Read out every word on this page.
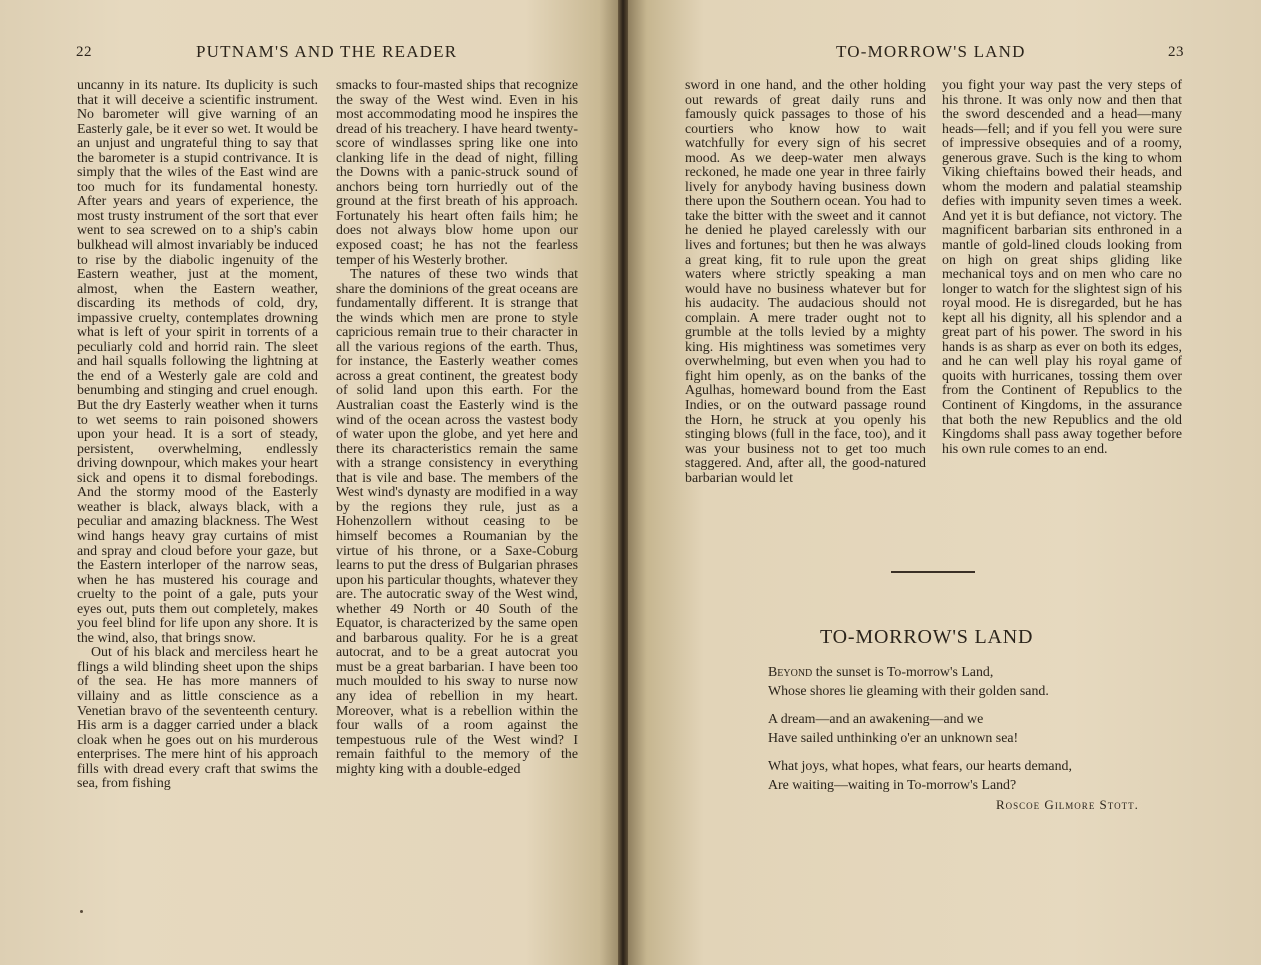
22	PUTNAM'S AND THE READER

uncanny in its nature. Its duplicity is such that it will deceive a scientific instrument. No barometer will give warning of an Easterly gale, be it ever so wet. It would be an unjust and ungrateful thing to say that the barometer is a stupid contrivance. It is simply that the wiles of the East wind are too much for its fundamental honesty. After years and years of experience, the most trusty instrument of the sort that ever went to sea screwed on to a ship's cabin bulkhead will almost invariably be induced to rise by the diabolic ingenuity of the Eastern weather, just at the moment, almost, when the Eastern weather, discarding its methods of cold, dry, impassive cruelty, contemplates drowning what is left of your spirit in torrents of a peculiarly cold and horrid rain. The sleet and hail squalls following the lightning at the end of a Westerly gale are cold and benumbing and stinging and cruel enough. But the dry Easterly weather when it turns to wet seems to rain poisoned showers upon your head. It is a sort of steady, persistent, overwhelming, endlessly driving downpour, which makes your heart sick and opens it to dismal forebodings. And the stormy mood of the Easterly weather is black, always black, with a peculiar and amazing blackness. The West wind hangs heavy gray curtains of mist and spray and cloud before your gaze, but the Eastern interloper of the narrow seas, when he has mustered his courage and cruelty to the point of a gale, puts your eyes out, puts them out completely, makes you feel blind for life upon any shore. It is the wind, also, that brings snow.

Out of his black and merciless heart he flings a wild blinding sheet upon the ships of the sea. He has more manners of villainy and as little conscience as a Venetian bravo of the seventeenth century. His arm is a dagger carried under a black cloak when he goes out on his murderous enterprises. The mere hint of his approach fills with dread every craft that swims the sea, from fishing

smacks to four-masted ships that recognize the sway of the West wind. Even in his most accommodating mood he inspires the dread of his treachery. I have heard twenty-score of windlasses spring like one into clanking life in the dead of night, filling the Downs with a panic-struck sound of anchors being torn hurriedly out of the ground at the first breath of his approach. Fortunately his heart often fails him; he does not always blow home upon our exposed coast; he has not the fearless temper of his Westerly brother.

The natures of these two winds that share the dominions of the great oceans are fundamentally different. It is strange that the winds which men are prone to style capricious remain true to their character in all the various regions of the earth. Thus, for instance, the Easterly weather comes across a great continent, the greatest body of solid land upon this earth. For the Australian coast the Easterly wind is the wind of the ocean across the vastest body of water upon the globe, and yet here and there its characteristics remain the same with a strange consistency in everything that is vile and base. The members of the West wind's dynasty are modified in a way by the regions they rule, just as a Hohenzollern without ceasing to be himself becomes a Roumanian by the virtue of his throne, or a Saxe-Coburg learns to put the dress of Bulgarian phrases upon his particular thoughts, whatever they are. The autocratic sway of the West wind, whether 49 North or 40 South of the Equator, is characterized by the same open and barbarous quality. For he is a great autocrat, and to be a great autocrat you must be a great barbarian. I have been too much moulded to his sway to nurse now any idea of rebellion in my heart. Moreover, what is a rebellion within the four walls of a room against the tempestuous rule of the West wind? I remain faithful to the memory of the mighty king with a double-edged

TO-MORROW'S LAND	23

sword in one hand, and the other holding out rewards of great daily runs and famously quick passages to those of his courtiers who know how to wait watchfully for every sign of his secret mood. As we deep-water men always reckoned, he made one year in three fairly lively for anybody having business down there upon the Southern ocean. You had to take the bitter with the sweet and it cannot he denied he played carelessly with our lives and fortunes; but then he was always a great king, fit to rule upon the great waters where strictly speaking a man would have no business whatever but for his audacity. The audacious should not complain. A mere trader ought not to grumble at the tolls levied by a mighty king. His mightiness was sometimes very overwhelming, but even when you had to fight him openly, as on the banks of the Agulhas, homeward bound from the East Indies, or on the outward passage round the Horn, he struck at you openly his stinging blows (full in the face, too), and it was your business not to get too much staggered. And, after all, the good-natured barbarian would let

you fight your way past the very steps of his throne. It was only now and then that the sword descended and a head—many heads—fell; and if you fell you were sure of impressive obsequies and of a roomy, generous grave. Such is the king to whom Viking chieftains bowed their heads, and whom the modern and palatial steamship defies with impunity seven times a week. And yet it is but defiance, not victory. The magnificent barbarian sits enthroned in a mantle of gold-lined clouds looking from on high on great ships gliding like mechanical toys and on men who care no longer to watch for the slightest sign of his royal mood. He is disregarded, but he has kept all his dignity, all his splendor and a great part of his power. The sword in his hands is as sharp as ever on both its edges, and he can well play his royal game of quoits with hurricanes, tossing them over from the Continent of Republics to the Continent of Kingdoms, in the assurance that both the new Republics and the old Kingdoms shall pass away together before his own rule comes to an end.

TO-MORROW'S LAND
Beyond the sunset is To-morrow's Land,
Whose shores lie gleaming with their golden sand.
A dream—and an awakening—and we
Have sailed unthinking o'er an unknown sea!
What joys, what hopes, what fears, our hearts demand,
Are waiting—waiting in To-morrow's Land?
Roscoe Gilmore Stott.
